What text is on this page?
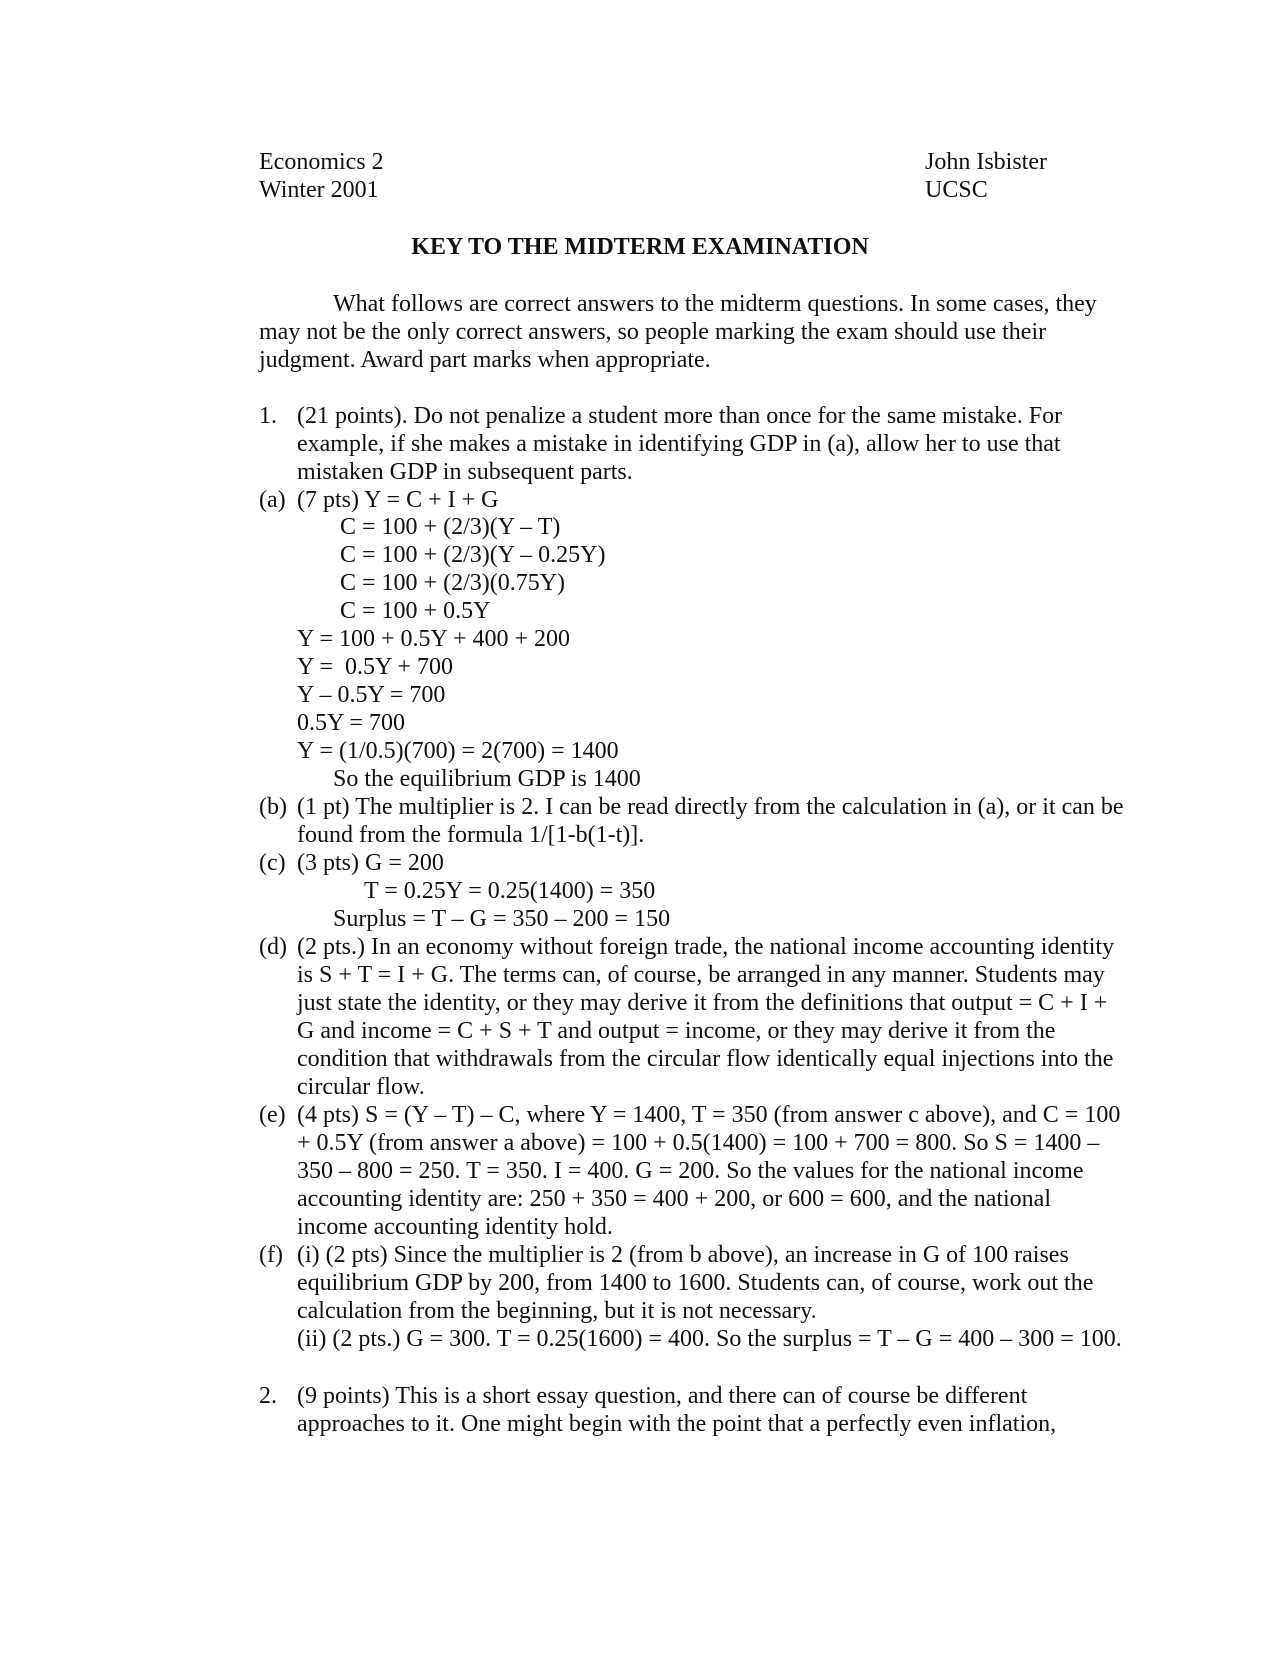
Economics 2
Winter 2001
John Isbister
UCSC
KEY TO THE MIDTERM EXAMINATION
What follows are correct answers to the midterm questions. In some cases, they
may not be the only correct answers, so people marking the exam should use their
judgment. Award part marks when appropriate.
1. (21 points). Do not penalize a student more than once for the same mistake. For
example, if she makes a mistake in identifying GDP in (a), allow her to use that
mistaken GDP in subsequent parts.
(a) (7 pts) Y = C + I + G
C = 100 + (2/3)(Y – T)
C = 100 + (2/3)(Y – 0.25Y)
C = 100 + (2/3)(0.75Y)
C = 100 + 0.5Y
Y = 100 + 0.5Y + 400 + 200
Y =  0.5Y + 700
Y – 0.5Y = 700
0.5Y = 700
Y = (1/0.5)(700) = 2(700) = 1400
So the equilibrium GDP is 1400
(b) (1 pt) The multiplier is 2. I can be read directly from the calculation in (a), or it can be
found from the formula 1/[1-b(1-t)].
(c) (3 pts) G = 200
T = 0.25Y = 0.25(1400) = 350
Surplus = T – G = 350 – 200 = 150
(d) (2 pts.) In an economy without foreign trade, the national income accounting identity
is S + T = I + G. The terms can, of course, be arranged in any manner. Students may
just state the identity, or they may derive it from the definitions that output = C + I +
G and income = C + S + T and output = income, or they may derive it from the
condition that withdrawals from the circular flow identically equal injections into the
circular flow.
(e) (4 pts) S = (Y – T) – C, where Y = 1400, T = 350 (from answer c above), and C = 100
+ 0.5Y (from answer a above) = 100 + 0.5(1400) = 100 + 700 = 800. So S = 1400 –
350 – 800 = 250. T = 350. I = 400. G = 200. So the values for the national income
accounting identity are: 250 + 350 = 400 + 200, or 600 = 600, and the national
income accounting identity hold.
(f) (i) (2 pts) Since the multiplier is 2 (from b above), an increase in G of 100 raises
equilibrium GDP by 200, from 1400 to 1600. Students can, of course, work out the
calculation from the beginning, but it is not necessary.
(ii) (2 pts.) G = 300. T = 0.25(1600) = 400. So the surplus = T – G = 400 – 300 = 100.
2. (9 points) This is a short essay question, and there can of course be different
approaches to it. One might begin with the point that a perfectly even inflation,
